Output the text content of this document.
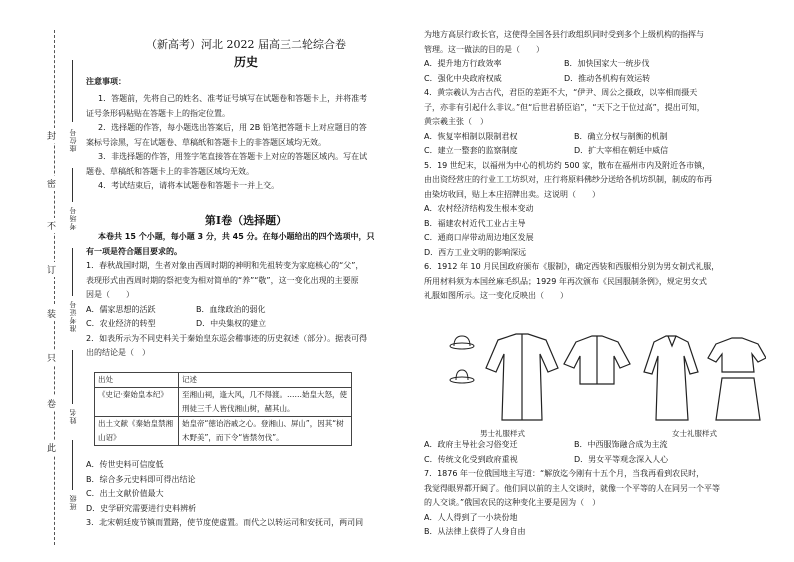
封
密
不
订
装
只
卷
此
座位号
考场号
准考证号
姓名
班级
（新高考）河北 2022 届高三二轮综合卷
历史
注意事项：
1．答题前，先将自己的姓名、准考证号填写在试题卷和答题卡上，并将准考
证号条形码粘贴在答题卡上的指定位置。
2．选择题的作答，每小题选出答案后，用 2B 铅笔把答题卡上对应题目的答
案标号涂黑，写在试题卷、草稿纸和答题卡上的非答题区域均无效。
3．非选择题的作答，用签字笔直接答在答题卡上对应的答题区域内。写在试
题卷、草稿纸和答题卡上的非答题区域均无效。
4．考试结束后，请将本试题卷和答题卡一并上交。
第Ⅰ卷（选择题）
本卷共 15 个小题，每小题 3 分，共 45 分。在每小题给出的四个选项中，只
有一项是符合题目要求的。
1．春秋战国时期，生者对象由西周时期的神明和先祖转变为家庭核心的“父”，
表现形式由西周时期的祭祀变为相对简单的“养”“敬”，这一变化出现的主要原
因是（　　）
A．儒家思想的活跃	B．血缘政治的弱化
C．农业经济的转型	D．中央集权的建立
2．如表所示为不同史料关于秦始皇东巡会稽事迹的历史叙述（部分）。据表可得
出的结论是（　）
出处	记述
《史记·秦始皇本纪》	至湘山祠，逢大风，几不得渡。……始皇大怒，使刑徒三千人皆伐湘山树，赭其山。
出土文献《秦始皇禁湘山诏》	始皇帝“徳诒浴戚之心。登湘山、屏山”，因其“树木野美”，而下令“皆禁勿伐”。
A．传世史料可信度低
B．综合多元史料即可得出结论
C．出土文献价值最大
D．史学研究需要进行史料辨析
3．北宋朝廷废节镇而置路，使节度使虚置。而代之以转运司和安抚司，两司同
为地方高层行政长官，这使得全国各县行政组织同时受到多个上级机构的指挥与
管理。这一做法的目的是（　　）
A．提升地方行政效率	B．加快国家大一统步伐
C．强化中央政府权威	D．推动各机构有效运转
4．黄宗羲认为古古代，君臣的差距不大，“伊尹、周公之摄政，以宰相而摄天
子，亦非有引起什么非议。”但“后世君骄臣谄”，“天下之于位过高”，提出可知，
黄宗羲主张（　）
A．恢复宰相制以限制君权	B．确立分权与制衡的机制
C．建立一整套的监察制度	D．扩大宰相在朝廷中威信
5．19 世纪末，以福州为中心的机坊约 500 家，散布在福州市内及附近各市镇，
由出资经营庄的行业工工坊织对，庄行将原料佛纱分送给各机坊织制，制成的布再
由染坊收回，贴上本庄招牌出卖。这说明（　　）
A．农村经济结构发生根本变动
B．福建农村近代工业占主导
C．通商口岸带动周边地区发展
D．西方工业文明的影响深远
6．1912 年 10 月民国政府颁布《服制》，确定西装和西服相分别为男女制式礼服，
所用材料须为本国丝麻毛织品；1929 年再次颁布《民国服制条例》，规定男女式
礼服如图所示。这一变化反映出（　　）
男士礼服样式	女士礼服样式
A．政府主导社会习俗变迁	B．中西服饰融合成为主流
C．传统文化受到政府重视	D．男女平等观念深入人心
7．1876 年一位俄国地主写道：“解放迄今刚有十五个月，当我再看到农民时，
我觉得眼界都开阔了。他们同以前的主人交谈时，就像一个平等的人在同另一个平等
的人交谈。”俄国农民的这种变化主要是因为（　）
A．人人得到了一小块份地
B．从法律上获得了人身自由
